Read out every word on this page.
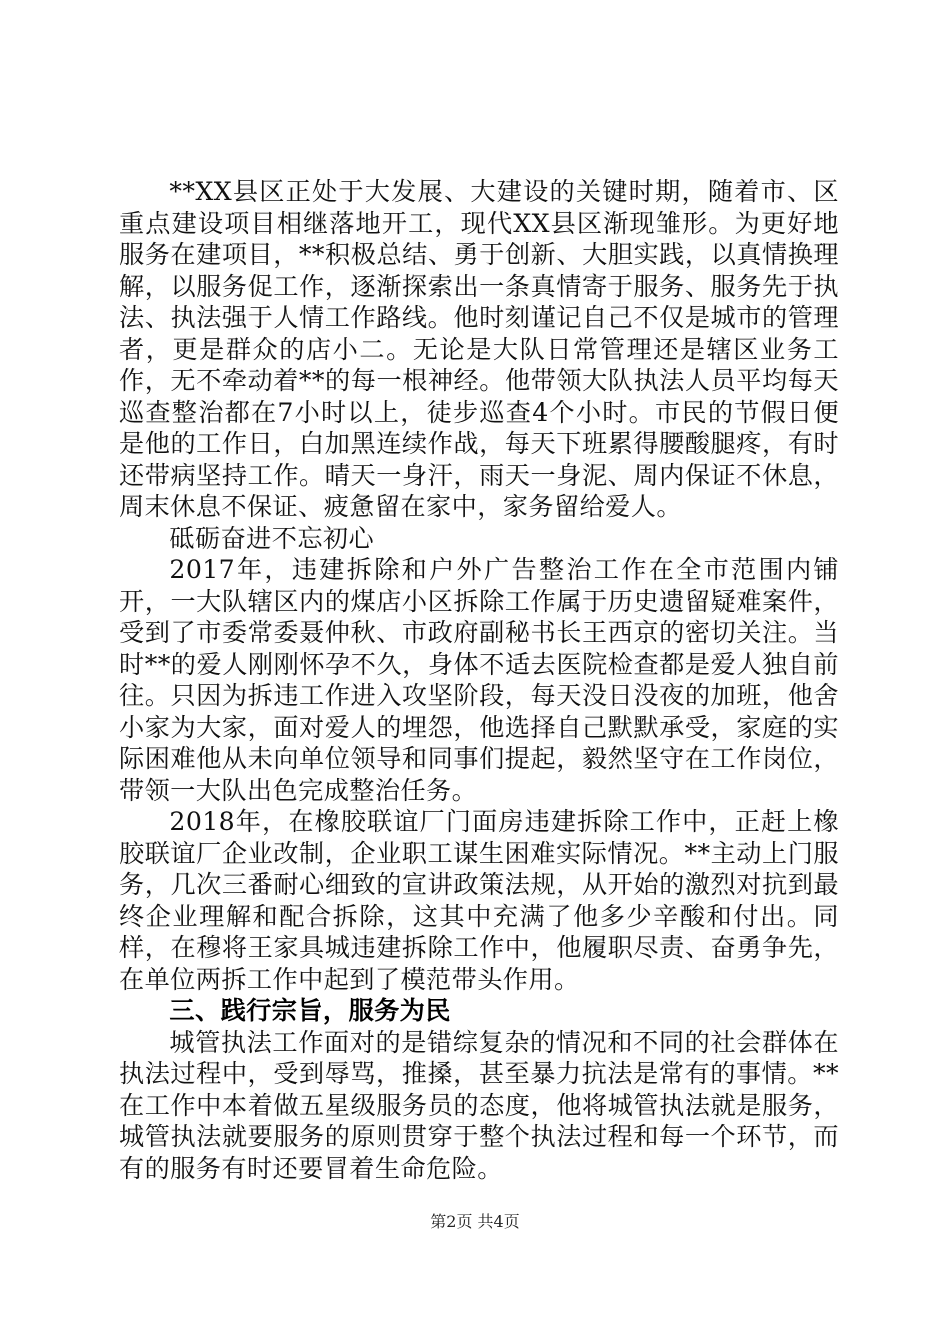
**XX县区正处于大发展、大建设的关键时期，随着市、区重点建设项目相继落地开工，现代XX县区渐现雏形。为更好地服务在建项目，**积极总结、勇于创新、大胆实践，以真情换理解，以服务促工作，逐渐探索出一条真情寄于服务、服务先于执法、执法强于人情工作路线。他时刻谨记自己不仅是城市的管理者，更是群众的店小二。无论是大队日常管理还是辖区业务工作，无不牵动着**的每一根神经。他带领大队执法人员平均每天巡查整治都在7小时以上，徒步巡查4个小时。市民的节假日便是他的工作日，白加黑连续作战，每天下班累得腰酸腿疼，有时还带病坚持工作。晴天一身汗，雨天一身泥、周内保证不休息，周末休息不保证、疲惫留在家中，家务留给爱人。

砥砺奋进不忘初心

2017年，违建拆除和户外广告整治工作在全市范围内铺开，一大队辖区内的煤店小区拆除工作属于历史遗留疑难案件，受到了市委常委聂仲秋、市政府副秘书长王西京的密切关注。当时**的爱人刚刚怀孕不久，身体不适去医院检查都是爱人独自前往。只因为拆违工作进入攻坚阶段，每天没日没夜的加班，他舍小家为大家，面对爱人的埋怨，他选择自己默默承受，家庭的实际困难他从未向单位领导和同事们提起，毅然坚守在工作岗位，带领一大队出色完成整治任务。

2018年，在橡胶联谊厂门面房违建拆除工作中，正赶上橡胶联谊厂企业改制，企业职工谋生困难实际情况。**主动上门服务，几次三番耐心细致的宣讲政策法规，从开始的激烈对抗到最终企业理解和配合拆除，这其中充满了他多少辛酸和付出。同样，在穆将王家具城违建拆除工作中，他履职尽责、奋勇争先，在单位两拆工作中起到了模范带头作用。

三、践行宗旨，服务为民

城管执法工作面对的是错综复杂的情况和不同的社会群体在执法过程中，受到辱骂，推搡，甚至暴力抗法是常有的事情。**在工作中本着做五星级服务员的态度，他将城管执法就是服务，城管执法就要服务的原则贯穿于整个执法过程和每一个环节，而有的服务有时还要冒着生命危险。

第2页 共4页
